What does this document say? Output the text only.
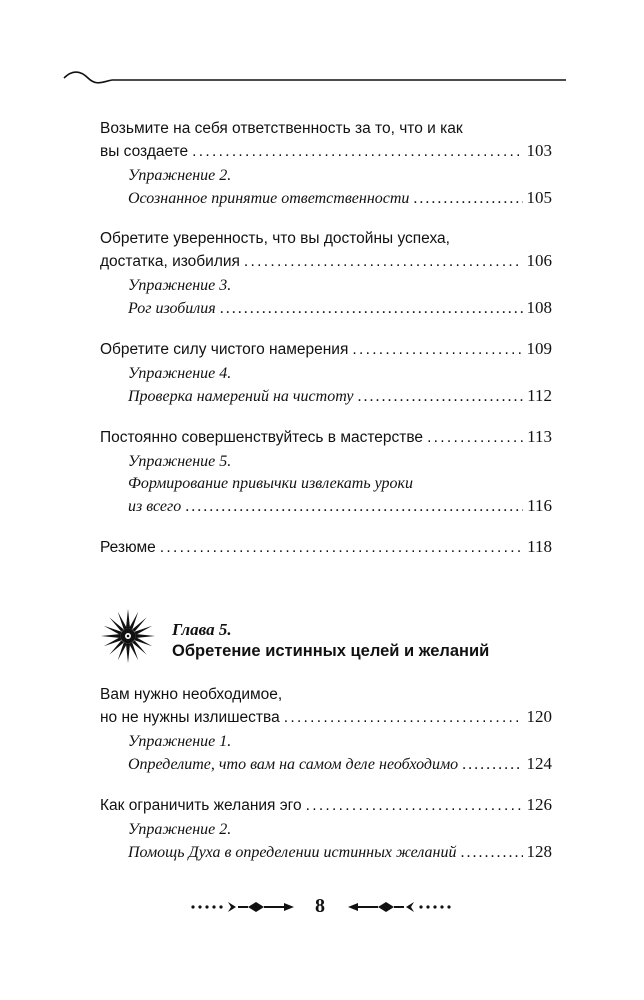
Возьмите на себя ответственность за то, что и как
вы создаете . . .	103
Упражнение 2.
Осознанное принятие ответственности . . .	105
Обретите уверенность, что вы достойны успеха,
достатка, изобилия . . .	106
Упражнение 3.
Рог изобилия . . .	108
Обретите силу чистого намерения . . .	109
Упражнение 4.
Проверка намерений на чистоту . . .	112
Постоянно совершенствуйтесь в мастерстве . . .	113
Упражнение 5.
Формирование привычки извлекать уроки
из всего . . .	116
Резюме . . .	118
Глава 5.
Обретение истинных целей и желаний
Вам нужно необходимое,
но не нужны излишества . . .	120
Упражнение 1.
Определите, что вам на самом деле необходимо . . .	124
Как ограничить желания эго . . .	126
Упражнение 2.
Помощь Духа в определении истинных желаний . . .	128
8
